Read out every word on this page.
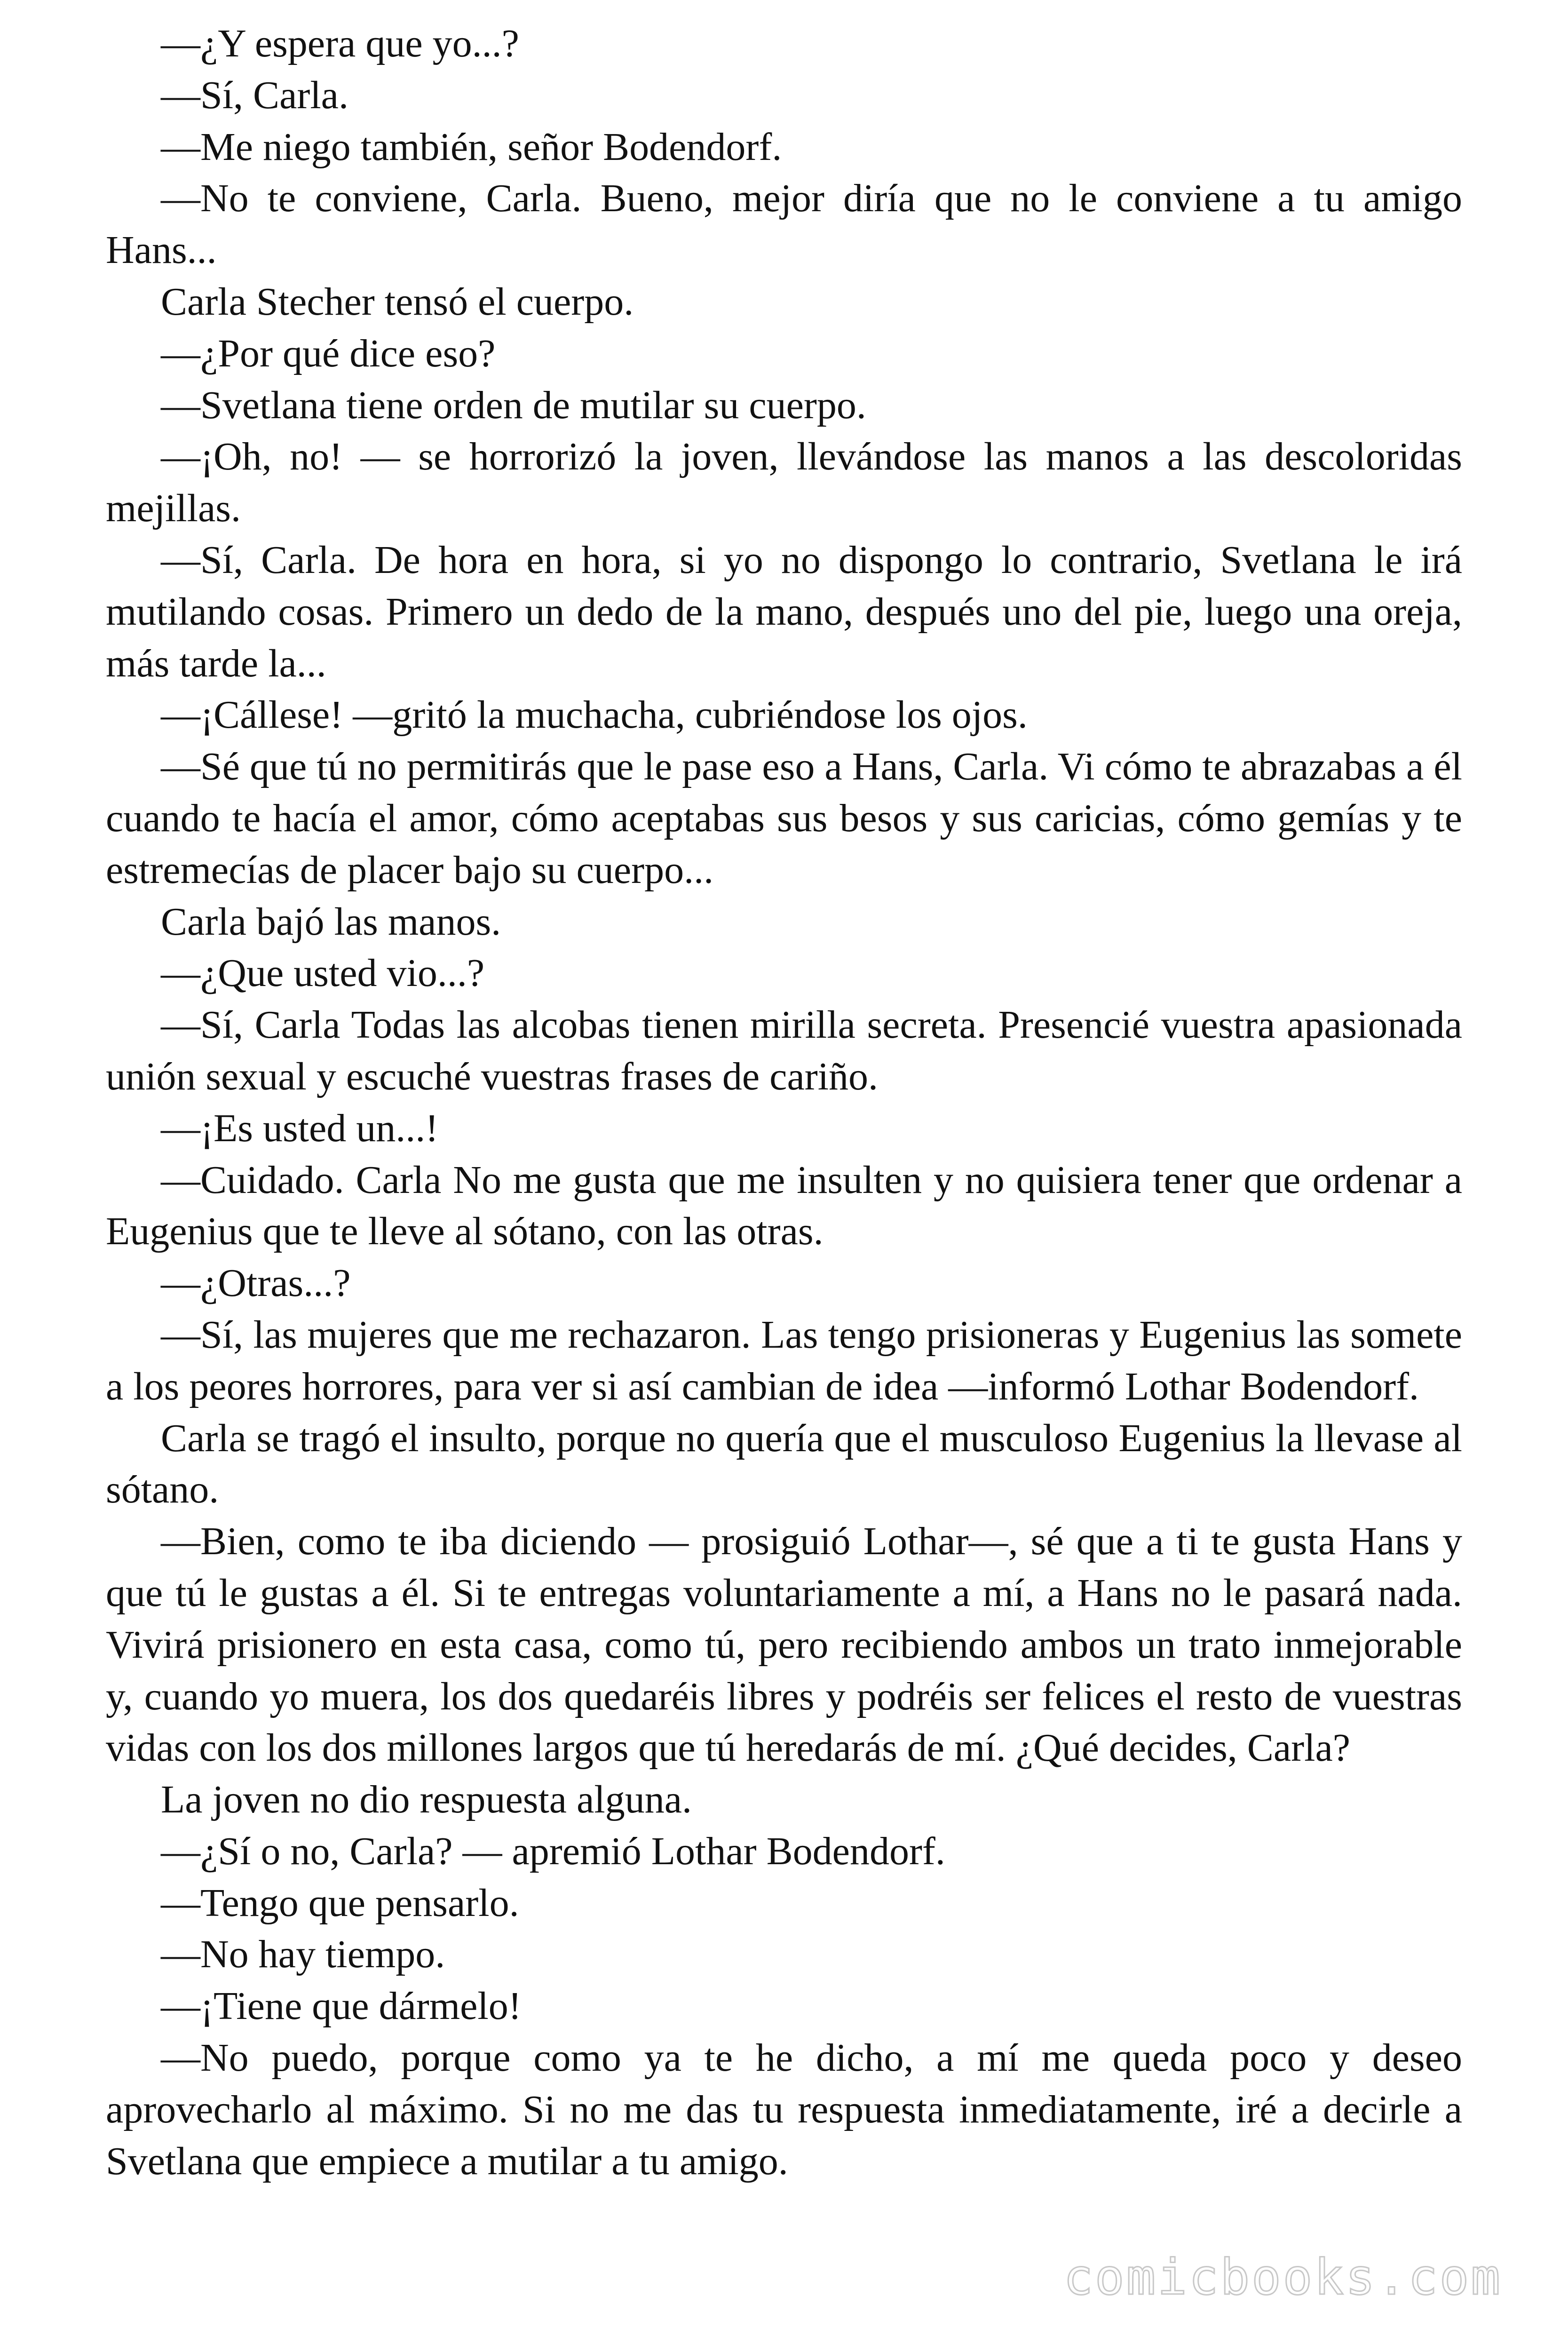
—¿Y espera que yo...?

—Sí, Carla.

—Me niego también, señor Bodendorf.

—No te conviene, Carla. Bueno, mejor diría que no le conviene a tu amigo Hans...

Carla Stecher tensó el cuerpo.

—¿Por qué dice eso?

—Svetlana tiene orden de mutilar su cuerpo.

—¡Oh, no! — se horrorizó la joven, llevándose las manos a las descoloridas mejillas.

—Sí, Carla. De hora en hora, si yo no dispongo lo contrario, Svetlana le irá mutilando cosas. Primero un dedo de la mano, después uno del pie, luego una oreja, más tarde la...

—¡Cállese! —gritó la muchacha, cubriéndose los ojos.

—Sé que tú no permitirás que le pase eso a Hans, Carla. Vi cómo te abrazabas a él cuando te hacía el amor, cómo aceptabas sus besos y sus caricias, cómo gemías y te estremecías de placer bajo su cuerpo...

Carla bajó las manos.

—¿Que usted vio...?

—Sí, Carla Todas las alcobas tienen mirilla secreta. Presencié vuestra apasionada unión sexual y escuché vuestras frases de cariño.

—¡Es usted un...!

—Cuidado. Carla No me gusta que me insulten y no quisiera tener que ordenar a Eugenius que te lleve al sótano, con las otras.

—¿Otras...?

—Sí, las mujeres que me rechazaron. Las tengo prisioneras y Eugenius las somete a los peores horrores, para ver si así cambian de idea —informó Lothar Bodendorf.

Carla se tragó el insulto, porque no quería que el musculoso Eugenius la llevase al sótano.

—Bien, como te iba diciendo — prosiguió Lothar—, sé que a ti te gusta Hans y que tú le gustas a él. Si te entregas voluntariamente a mí, a Hans no le pasará nada. Vivirá prisionero en esta casa, como tú, pero recibiendo ambos un trato inmejorable y, cuando yo muera, los dos quedaréis libres y podréis ser felices el resto de vuestras vidas con los dos millones largos que tú heredarás de mí. ¿Qué decides, Carla?

La joven no dio respuesta alguna.

—¿Sí o no, Carla? — apremió Lothar Bodendorf.

—Tengo que pensarlo.

—No hay tiempo.

—¡Tiene que dármelo!

—No puedo, porque como ya te he dicho, a mí me queda poco y deseo aprovecharlo al máximo. Si no me das tu respuesta inmediatamente, iré a decirle a Svetlana que empiece a mutilar a tu amigo.

comicbooks.com
